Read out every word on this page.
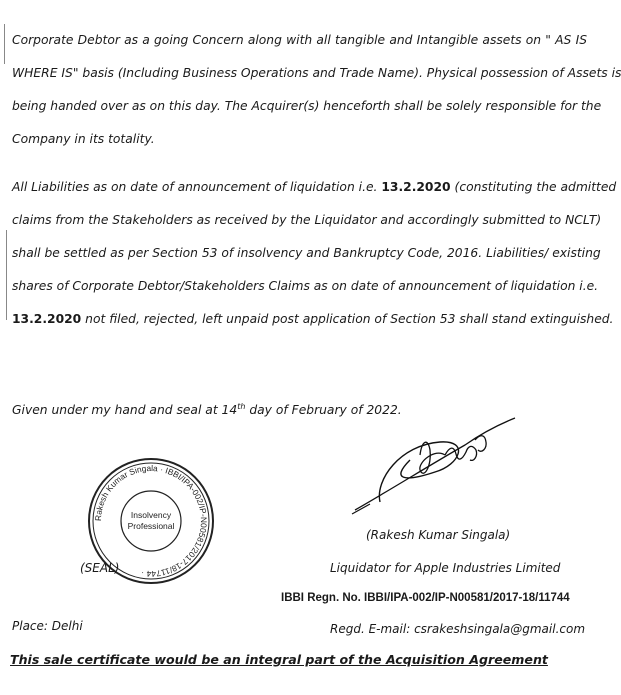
Corporate Debtor as a going Concern along with all tangible and Intangible assets on " AS IS
WHERE IS" basis (Including Business Operations and Trade Name). Physical possession of Assets is
being handed over as on this day. The Acquirer(s) henceforth shall be solely responsible for the
Company in its totality.

All Liabilities as on date of announcement of liquidation i.e. 13.2.2020 (constituting the admitted
claims from the Stakeholders as received by the Liquidator and accordingly submitted to NCLT)
shall be settled as per Section 53 of insolvency and Bankruptcy Code, 2016. Liabilities/ existing
shares of Corporate Debtor/Stakeholders Claims as on date of announcement of liquidation i.e.
13.2.2020 not filed, rejected, left unpaid post application of Section 53 shall stand extinguished.

Given under my hand and seal at 14th day of February of 2022.
Rakesh Kumar Singala · IBBI/IPA-002/IP-N00581/2017-18/11744 ·
Insolvency
Professional
(Rakesh Kumar Singala)
(SEAL)	Liquidator for Apple Industries Limited
IBBI Regn. No. IBBI/IPA-002/IP-N00581/2017-18/11744
Place: Delhi	Regd. E-mail: csrakeshsingala@gmail.com
This sale certificate would be an integral part of the Acquisition Agreement
